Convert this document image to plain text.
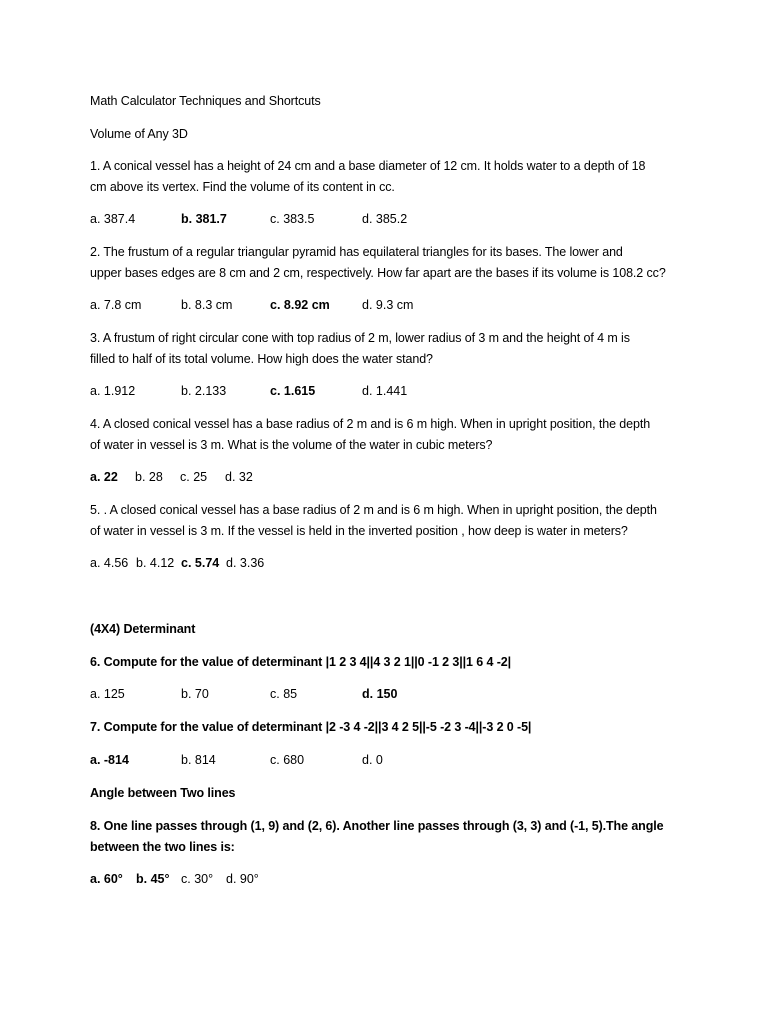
Math Calculator Techniques and Shortcuts
Volume of Any 3D
1. A conical vessel has a height of 24 cm and a base diameter of 12 cm. It holds water to a depth of 18
cm above its vertex. Find the volume of its content in cc.
a. 387.4	b. 381.7	c. 383.5	d. 385.2
2. The frustum of a regular triangular pyramid has equilateral triangles for its bases. The lower and
upper bases edges are 8 cm and 2 cm, respectively. How far apart are the bases if its volume is 108.2 cc?
a. 7.8 cm	b. 8.3 cm	c. 8.92 cm	d. 9.3 cm
3. A frustum of right circular cone with top radius of 2 m, lower radius of 3 m and the height of 4 m is
filled to half of its total volume. How high does the water stand?
a. 1.912	b. 2.133	c. 1.615	d. 1.441
4. A closed conical vessel has a base radius of 2 m and is 6 m high. When in upright position, the depth
of water in vessel is 3 m. What is the volume of the water in cubic meters?
a. 22 b. 28 c. 25 d. 32
5. . A closed conical vessel has a base radius of 2 m and is 6 m high. When in upright position, the depth
of water in vessel is 3 m. If the vessel is held in the inverted position , how deep is water in meters?
a. 4.56 b. 4.12 c. 5.74 d. 3.36
(4X4) Determinant
6. Compute for the value of determinant |1 2 3 4||4 3 2 1||0 -1 2 3||1 6 4 -2|
a. 125	b. 70	c. 85	d. 150
7. Compute for the value of determinant |2 -3 4 -2||3 4 2 5||-5 -2 3 -4||-3 2 0 -5|
a. -814	b. 814	c. 680	d. 0
Angle between Two lines
8. One line passes through (1, 9) and (2, 6). Another line passes through (3, 3) and (-1, 5).The angle
between the two lines is:
a. 60° b. 45° c. 30° d. 90°
